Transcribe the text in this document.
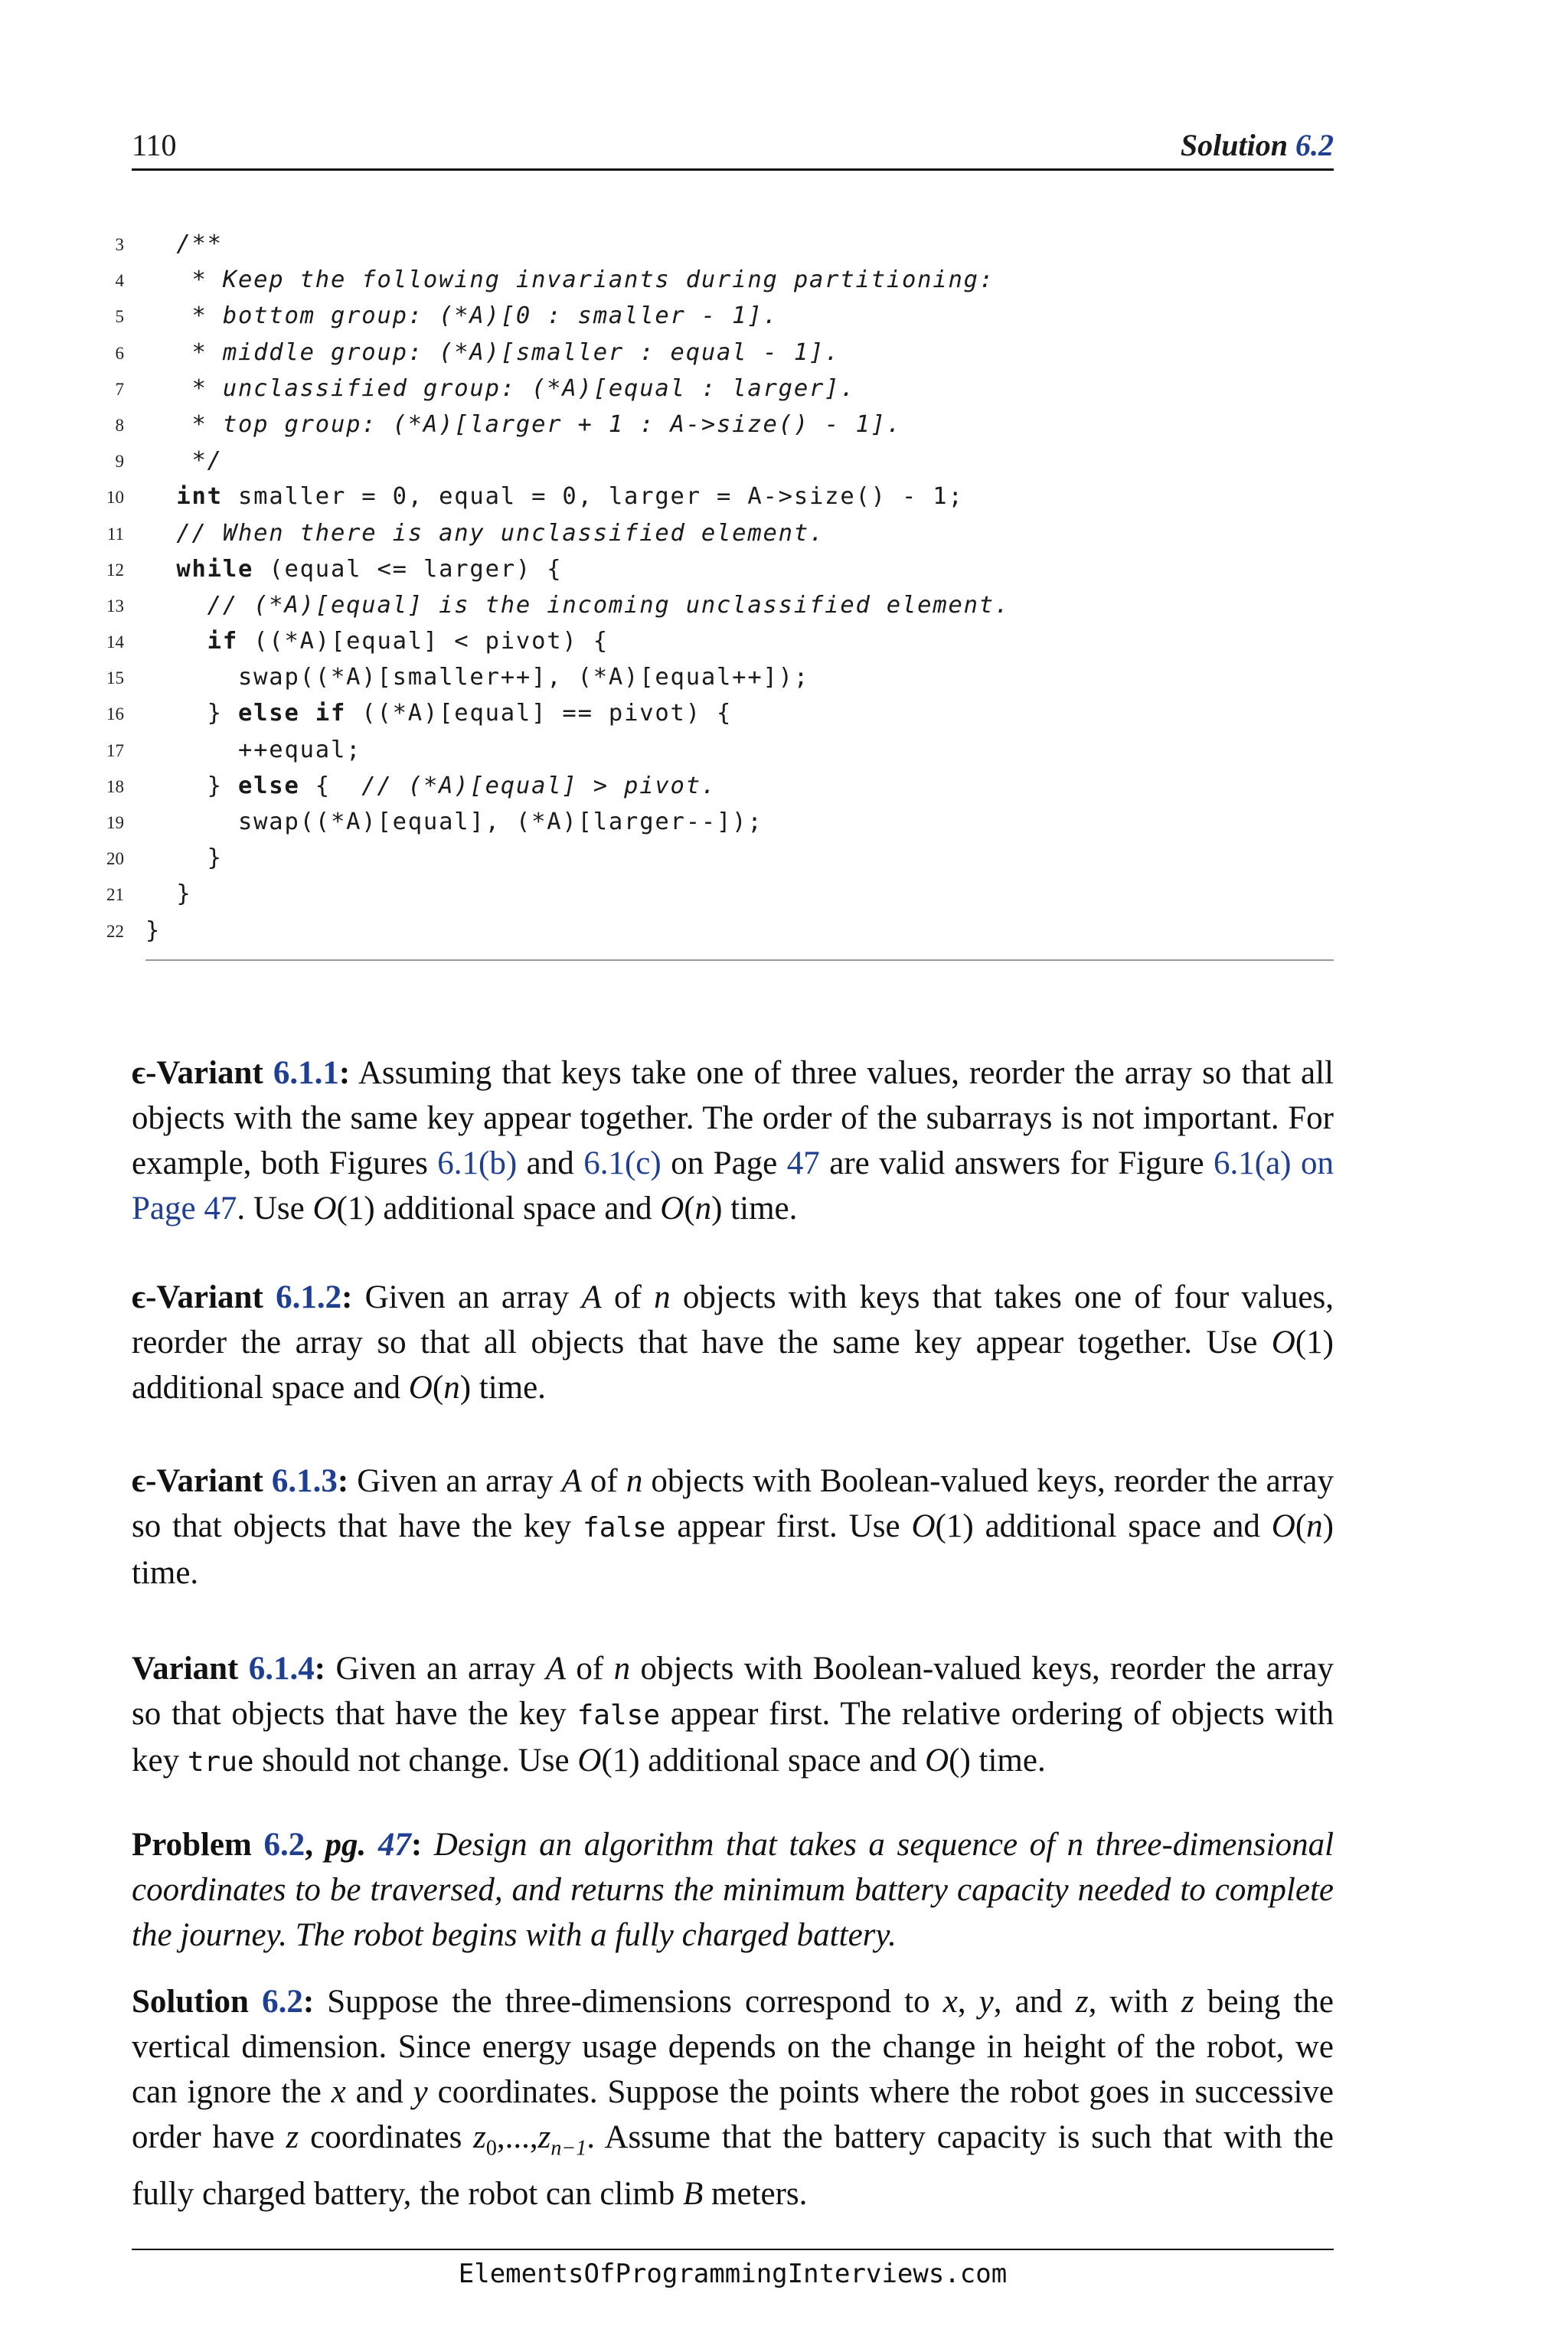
110	Solution 6.2
3 /**
4 * Keep the following invariants during partitioning:
5 * bottom group: (*A)[0 : smaller - 1].
6 * middle group: (*A)[smaller : equal - 1].
7 * unclassified group: (*A)[equal : larger].
8 * top group: (*A)[larger + 1 : A->size() - 1].
9 */
10	int smaller = 0, equal = 0, larger = A->size() - 1;
11	// When there is any unclassified element.
12	while (equal <= larger) {
13	// (*A)[equal] is the incoming unclassified element.
14	if ((*A)[equal] < pivot) {
15 swap((*A)[smaller++], (*A)[equal++]);
16 } else if ((*A)[equal] == pivot) {
17 ++equal;
18 } else {  // (*A)[equal] > pivot.
19 swap((*A)[equal], (*A)[larger--]);
20 }
21 }
22 }
ϵ-Variant 6.1.1: Assuming that keys take one of three values, reorder the array so that all objects with the same key appear together. The order of the subarrays is not important. For example, both Figures 6.1(b) and 6.1(c) on Page 47 are valid answers for Figure 6.1(a) on Page 47. Use O(1) additional space and O(n) time.
ϵ-Variant 6.1.2: Given an array A of n objects with keys that takes one of four values, reorder the array so that all objects that have the same key appear together. Use O(1) additional space and O(n) time.
ϵ-Variant 6.1.3: Given an array A of n objects with Boolean-valued keys, reorder the array so that objects that have the key false appear first. Use O(1) additional space and O(n) time.
Variant 6.1.4: Given an array A of n objects with Boolean-valued keys, reorder the array so that objects that have the key false appear first. The relative ordering of objects with key true should not change. Use O(1) additional space and O() time.
Problem 6.2, pg. 47: Design an algorithm that takes a sequence of n three-dimensional coordinates to be traversed, and returns the minimum battery capacity needed to complete the journey. The robot begins with a fully charged battery.
Solution 6.2: Suppose the three-dimensions correspond to x, y, and z, with z being the vertical dimension. Since energy usage depends on the change in height of the robot, we can ignore the x and y coordinates. Suppose the points where the robot goes in successive order have z coordinates $z_0,...,z_{n-1}$. Assume that the battery capacity is such that with the fully charged battery, the robot can climb B meters.
ElementsOfProgrammingInterviews.com
